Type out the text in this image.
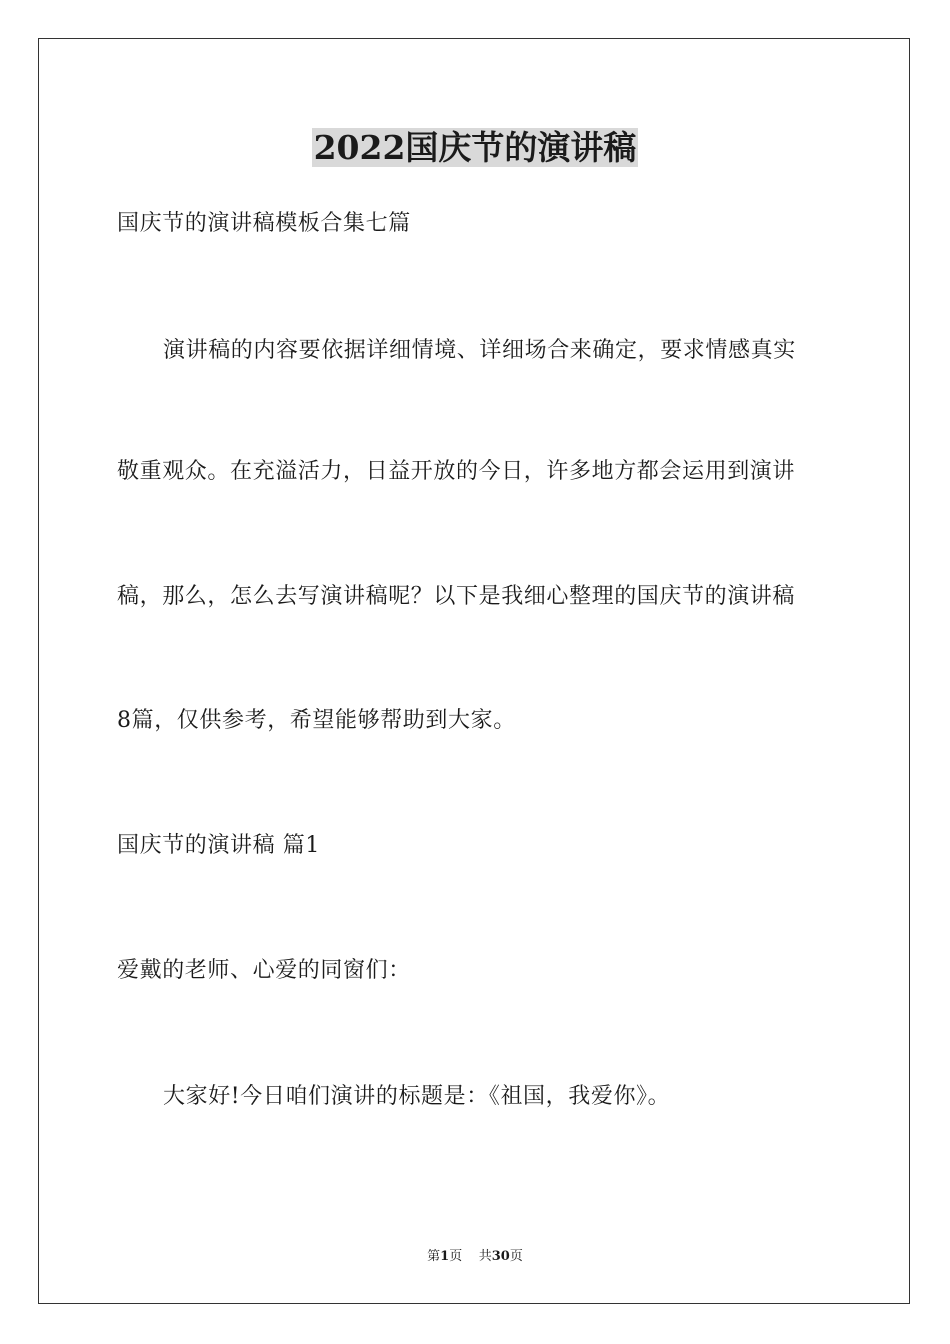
2022国庆节的演讲稿
国庆节的演讲稿模板合集七篇
演讲稿的内容要依据详细情境、详细场合来确定，要求情感真实
敬重观众。在充溢活力，日益开放的今日，许多地方都会运用到演讲
稿，那么，怎么去写演讲稿呢？以下是我细心整理的国庆节的演讲稿
8篇，仅供参考，希望能够帮助到大家。
国庆节的演讲稿 篇1
爱戴的老师、心爱的同窗们：
大家好!今日咱们演讲的标题是：《祖国，我爱你》。
第1页 共30页
